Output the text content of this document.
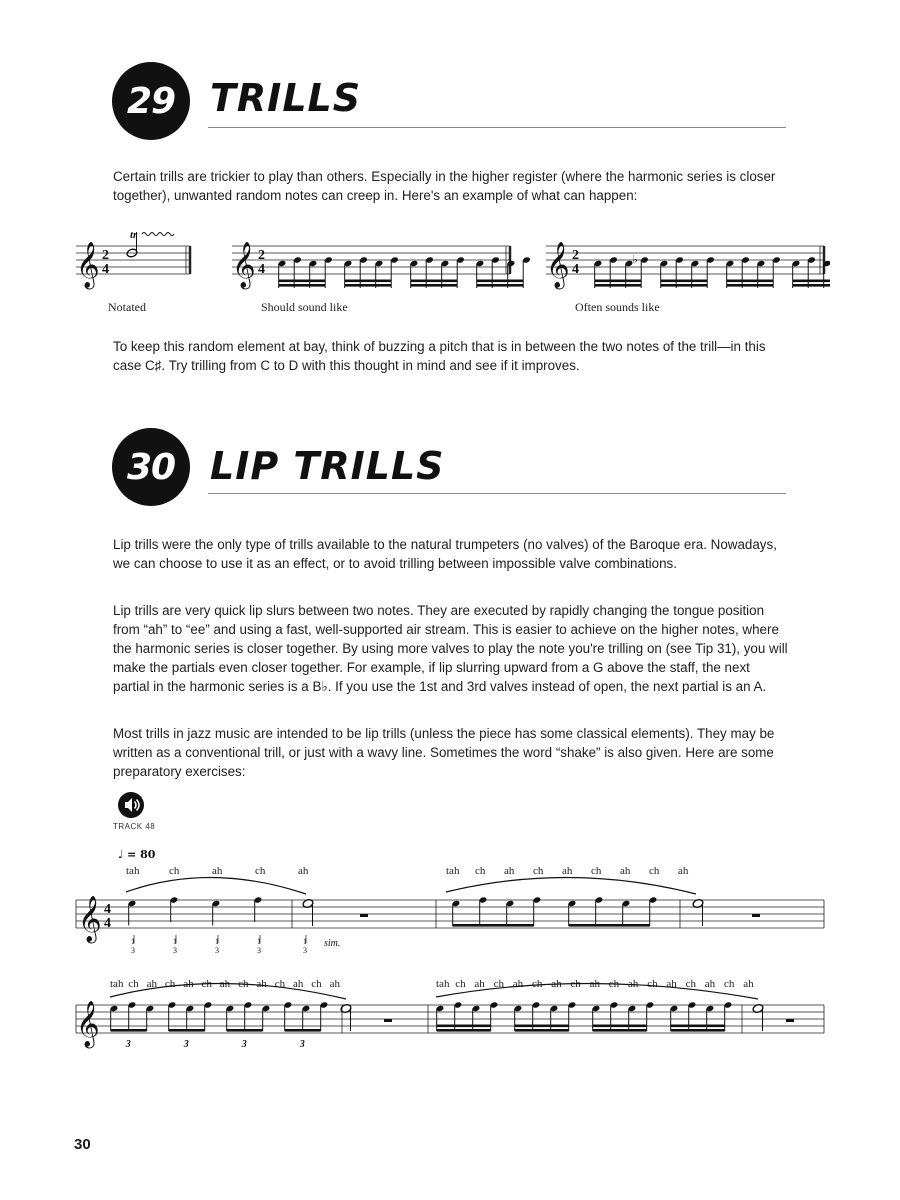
29 TRILLS

Certain trills are trickier to play than others. Especially in the higher register (where the harmonic series is closer together), unwanted random notes can creep in. Here's an example of what can happen:

𝄞	𝄞	𝄞
2
4
2
4
2
4
tr
♭
Notated	Should sound like	Often sounds like

To keep this random element at bay, think of buzzing a pitch that is in between the two notes of the trill—in this case C♯. Try trilling from C to D with this thought in mind and see if it improves.

30 LIP TRILLS

Lip trills were the only type of trills available to the natural trumpeters (no valves) of the Baroque era. Nowadays, we can choose to use it as an effect, or to avoid trilling between impossible valve combinations.

Lip trills are very quick lip slurs between two notes. They are executed by rapidly changing the tongue position from “ah” to “ee” and using a fast, well-supported air stream. This is easier to achieve on the higher notes, where the harmonic series is closer together. By using more valves to play the note you're trilling on (see Tip 31), you will make the partials even closer together. For example, if lip slurring upward from a G above the staff, the next partial in the harmonic series is a B♭. If you use the 1st and 3rd valves instead of open, the next partial is an A.

Most trills in jazz music are intended to be lip trills (unless the piece has some classical elements). They may be written as a conventional trill, or just with a wavy line. Sometimes the word “shake” is also given. Here are some preparatory exercises:

TRACK 48
♩ = 80
tah	ch	ah	ch	ah	tah ch ah ch ah ch ah ch ah
𝄞 4
4
1
3
1
3
1
3
1
3
1
3
sim.
tah ch ah ch ah ch ah ch ah ch ah ch ah	tah ch ah ch ah ch ah ch ah ch ah ch ah ch ah ch ah
𝄞	3	3	3	3
30
